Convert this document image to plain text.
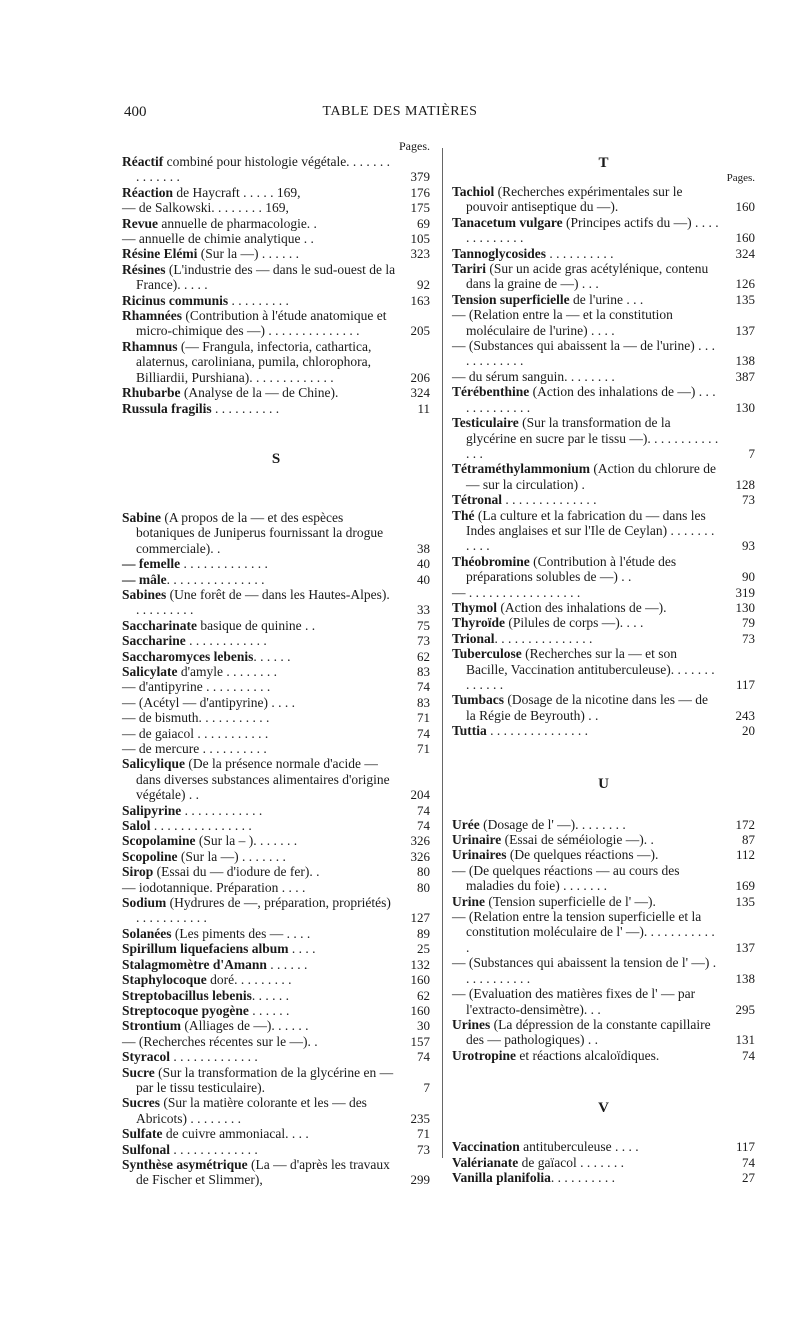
400	TABLE DES MATIÈRES
Pages.
Réactif combiné pour histologie végétale. . . . . . . . . . . . . .	379
Réaction de Haycraft . . . . . 169,	176
— de Salkowski. . . . . . . . 169,	175
Revue annuelle de pharmacologie. .	69
— annuelle de chimie analytique . .	105
Résine Elémi (Sur la —) . . . . . .	323
Résines (L'industrie des — dans le sud-ouest de la France). . . . .	92
Ricinus communis . . . . . . . . .	163
Rhamnées (Contribution à l'étude anatomique et micro-chimique des —) . . . . . . . . . . . . . .	205
Rhamnus (— Frangula, infectoria, cathartica, alaternus, caroliniana, pumila, chlorophora, Billiardii, Purshiana). . . . . . . . . . . . .	206
Rhubarbe (Analyse de la — de Chine).	324
Russula fragilis . . . . . . . . . .	11
S
Sabine (A propos de la — et des espèces botaniques de Juniperus fournissant la drogue commerciale). .	38
— femelle . . . . . . . . . . . . .	40
— mâle. . . . . . . . . . . . . . .	40
Sabines (Une forêt de — dans les Hautes-Alpes). . . . . . . . . .	33
Saccharinate basique de quinine . .	75
Saccharine . . . . . . . . . . . .	73
Saccharomyces lebenis. . . . . .	62
Salicylate d'amyle . . . . . . . .	83
— d'antipyrine . . . . . . . . . .	74
— (Acétyl — d'antipyrine) . . . .	83
— de bismuth. . . . . . . . . . .	71
— de gaiacol . . . . . . . . . . .	74
— de mercure . . . . . . . . . .	71
Salicylique (De la présence normale d'acide — dans diverses substances alimentaires d'origine végétale) . .	204
Salipyrine . . . . . . . . . . . .	74
Salol . . . . . . . . . . . . . . .	74
Scopolamine (Sur la – ). . . . . . .	326
Scopoline (Sur la —) . . . . . . .	326
Sirop (Essai du — d'iodure de fer). .	80
— iodotannique. Préparation . . . .	80
Sodium (Hydrures de —, préparation, propriétés) . . . . . . . . . . .	127
Solanées (Les piments des — . . . .	89
Spirillum liquefaciens album . . . .	25
Stalagmomètre d'Amann . . . . . .	132
Staphylocoque doré. . . . . . . . .	160
Streptobacillus lebenis. . . . . .	62
Streptocoque pyogène . . . . . .	160
Strontium (Alliages de —). . . . . .	30
— (Recherches récentes sur le —). .	157
Styracol . . . . . . . . . . . . .	74
Sucre (Sur la transformation de la glycérine en — par le tissu testiculaire).	7
Sucres (Sur la matière colorante et les — des Abricots) . . . . . . . .	235
Sulfate de cuivre ammoniacal. . . .	71
Sulfonal . . . . . . . . . . . . .	73
Synthèse asymétrique (La — d'après les travaux de Fischer et Slimmer),	299
T
Pages.
Tachiol (Recherches expérimentales sur le pouvoir antiseptique du —).	160
Tanacetum vulgare (Principes actifs du —) . . . . . . . . . . . . .	160
Tannoglycosides . . . . . . . . . .	324
Tariri (Sur un acide gras acétylénique, contenu dans la graine de —) . . .	126
Tension superficielle de l'urine . . .	135
— (Relation entre la — et la constitution moléculaire de l'urine) . . . .	137
— (Substances qui abaissent la — de l'urine) . . . . . . . . . . . .	138
— du sérum sanguin. . . . . . . .	387
Térébenthine (Action des inhalations de —) . . . . . . . . . . . . .	130
Testiculaire (Sur la transformation de la glycérine en sucre par le tissu —). . . . . . . . . . . . . .	7
Tétraméthylammonium (Action du chlorure de — sur la circulation) .	128
Tétronal . . . . . . . . . . . . . .	73
Thé (La culture et la fabrication du — dans les Indes anglaises et sur l'Ile de Ceylan) . . . . . . . . . . .	93
Théobromine (Contribution à l'étude des préparations solubles de —) . .	90
— . . . . . . . . . . . . . . . . .	319
Thymol (Action des inhalations de —).	130
Thyroïde (Pilules de corps —). . . .	79
Trional. . . . . . . . . . . . . . .	73
Tuberculose (Recherches sur la — et son Bacille, Vaccination antituberculeuse). . . . . . . . . . . . .	117
Tumbacs (Dosage de la nicotine dans les — de la Régie de Beyrouth) . .	243
Tuttia . . . . . . . . . . . . . . .	20
U
Urée (Dosage de l' —). . . . . . . .	172
Urinaire (Essai de séméiologie —). .	87
Urinaires (De quelques réactions —).	112
— (De quelques réactions — au cours des maladies du foie) . . . . . . .	169
Urine (Tension superficielle de l' —).	135
— (Relation entre la tension superficielle et la constitution moléculaire de l' —). . . . . . . . . . . .	137
— (Substances qui abaissent la tension de l' —) . . . . . . . . . . .	138
— (Evaluation des matières fixes de l' — par l'extracto-densimètre). . .	295
Urines (La dépression de la constante capillaire des — pathologiques) . .	131
Urotropine et réactions alcaloïdiques.	74
V
Vaccination antituberculeuse . . . .	117
Valérianate de gaïacol . . . . . . .	74
Vanilla planifolia. . . . . . . . . .	27
